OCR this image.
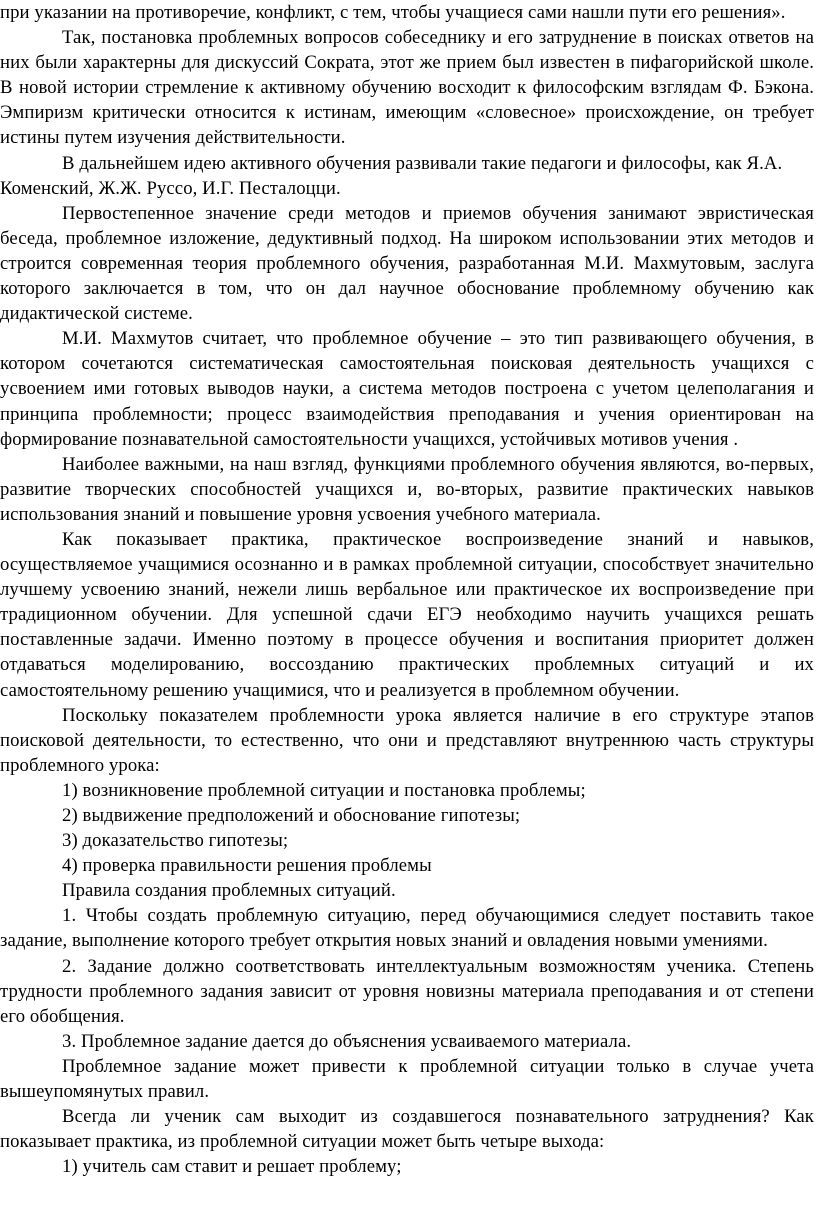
при указании на противоречие, конфликт, с тем, чтобы учащиеся сами нашли пути его решения».

Так, постановка проблемных вопросов собеседнику и его затруднение в поисках ответов на них были характерны для дискуссий Сократа, этот же прием был известен в пифагорийской школе. В новой истории стремление к активному обучению восходит к философским взглядам Ф. Бэкона. Эмпиризм критически относится к истинам, имеющим «словесное» происхождение, он требует истины путем изучения действительности.

В дальнейшем идею активного обучения развивали такие педагоги и философы, как Я.А. Коменский, Ж.Ж. Руссо, И.Г. Песталоцци.

Первостепенное значение среди методов и приемов обучения занимают эвристическая беседа, проблемное изложение, дедуктивный подход. На широком использовании этих методов и строится современная теория проблемного обучения, разработанная М.И. Махмутовым, заслуга которого заключается в том, что он дал научное обоснование проблемному обучению как дидактической системе.

М.И. Махмутов считает, что проблемное обучение – это тип развивающего обучения, в котором сочетаются систематическая самостоятельная поисковая деятельность учащихся с усвоением ими готовых выводов науки, а система методов построена с учетом целеполагания и принципа проблемности; процесс взаимодействия преподавания и учения ориентирован на формирование познавательной самостоятельности учащихся, устойчивых мотивов учения .

Наиболее важными, на наш взгляд, функциями проблемного обучения являются, во-первых, развитие творческих способностей учащихся и, во-вторых, развитие практических навыков использования знаний и повышение уровня усвоения учебного материала.

Как показывает практика, практическое воспроизведение знаний и навыков, осуществляемое учащимися осознанно и в рамках проблемной ситуации, способствует значительно лучшему усвоению знаний, нежели лишь вербальное или практическое их воспроизведение при традиционном обучении. Для успешной сдачи ЕГЭ необходимо научить учащихся решать поставленные задачи. Именно поэтому в процессе обучения и воспитания приоритет должен отдаваться моделированию, воссозданию практических проблемных ситуаций и их самостоятельному решению учащимися, что и реализуется в проблемном обучении.

Поскольку показателем проблемности урока является наличие в его структуре этапов поисковой деятельности, то естественно, что они и представляют внутреннюю часть структуры проблемного урока:

1) возникновение проблемной ситуации и постановка проблемы;

2) выдвижение предположений и обоснование гипотезы;

3) доказательство гипотезы;

4) проверка правильности решения проблемы

Правила создания проблемных ситуаций.

1. Чтобы создать проблемную ситуацию, перед обучающимися следует поставить такое задание, выполнение которого требует открытия новых знаний и овладения новыми умениями.

2. Задание должно соответствовать интеллектуальным возможностям ученика. Степень трудности проблемного задания зависит от уровня новизны материала преподавания и от степени его обобщения.

3. Проблемное задание дается до объяснения усваиваемого материала.

Проблемное задание может привести к проблемной ситуации только в случае учета вышеупомянутых правил.

Всегда ли ученик сам выходит из создавшегося познавательного затруднения? Как показывает практика, из проблемной ситуации может быть четыре выхода:

1) учитель сам ставит и решает проблему;
